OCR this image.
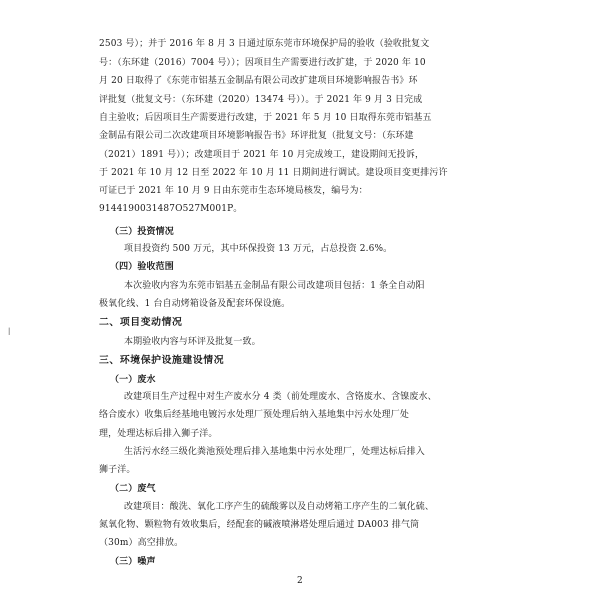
2503 号）；并于 2016 年 8 月 3 日通过原东莞市环境保护局的验收（验收批复文
号：（东环建（2016）7004 号））；因项目生产需要进行改扩建，于 2020 年 10
月 20 日取得了《东莞市铝基五金制品有限公司改扩建项目环境影响报告书》环
评批复（批复文号：（东环建（2020）13474 号））。于 2021 年 9 月 3 日完成
自主验收；后因项目生产需要进行改建，于 2021 年 5 月 10 日取得东莞市铝基五
金制品有限公司二次改建项目环境影响报告书》环评批复（批复文号：（东环建
（2021）1891 号））；改建项目于 2021 年 10 月完成竣工，建设期间无投诉，
于 2021 年 10 月 12 日至 2022 年 10 月 11 日期间进行调试。建设项目变更排污许
可证已于 2021 年 10 月 9 日由东莞市生态环境局核发，编号为：
9144190031487O527M001P。
（三）投资情况
项目投资约 500 万元，其中环保投资 13 万元，占总投资 2.6%。
（四）验收范围
本次验收内容为东莞市铝基五金制品有限公司改建项目包括：1 条全自动阳
极氧化线、1 台自动烤箱设备及配套环保设施。
二、项目变动情况
本期验收内容与环评及批复一致。
三、环境保护设施建设情况
（一）废水
改建项目生产过程中对生产废水分 4 类（前处理废水、含铬废水、含镍废水、
络合废水）收集后经基地电镀污水处理厂预处理后纳入基地集中污水处理厂处
理，处理达标后排入狮子洋。
生活污水经三级化粪池预处理后排入基地集中污水处理厂，处理达标后排入
狮子洋。
（二）废气
改建项目：酸洗、氧化工序产生的硫酸雾以及自动烤箱工序产生的二氧化硫、
氮氧化物、颗粒物有效收集后，经配套的碱液喷淋塔处理后通过 DA003 排气筒
（30m）高空排放。
（三）噪声
2
ꟾ
